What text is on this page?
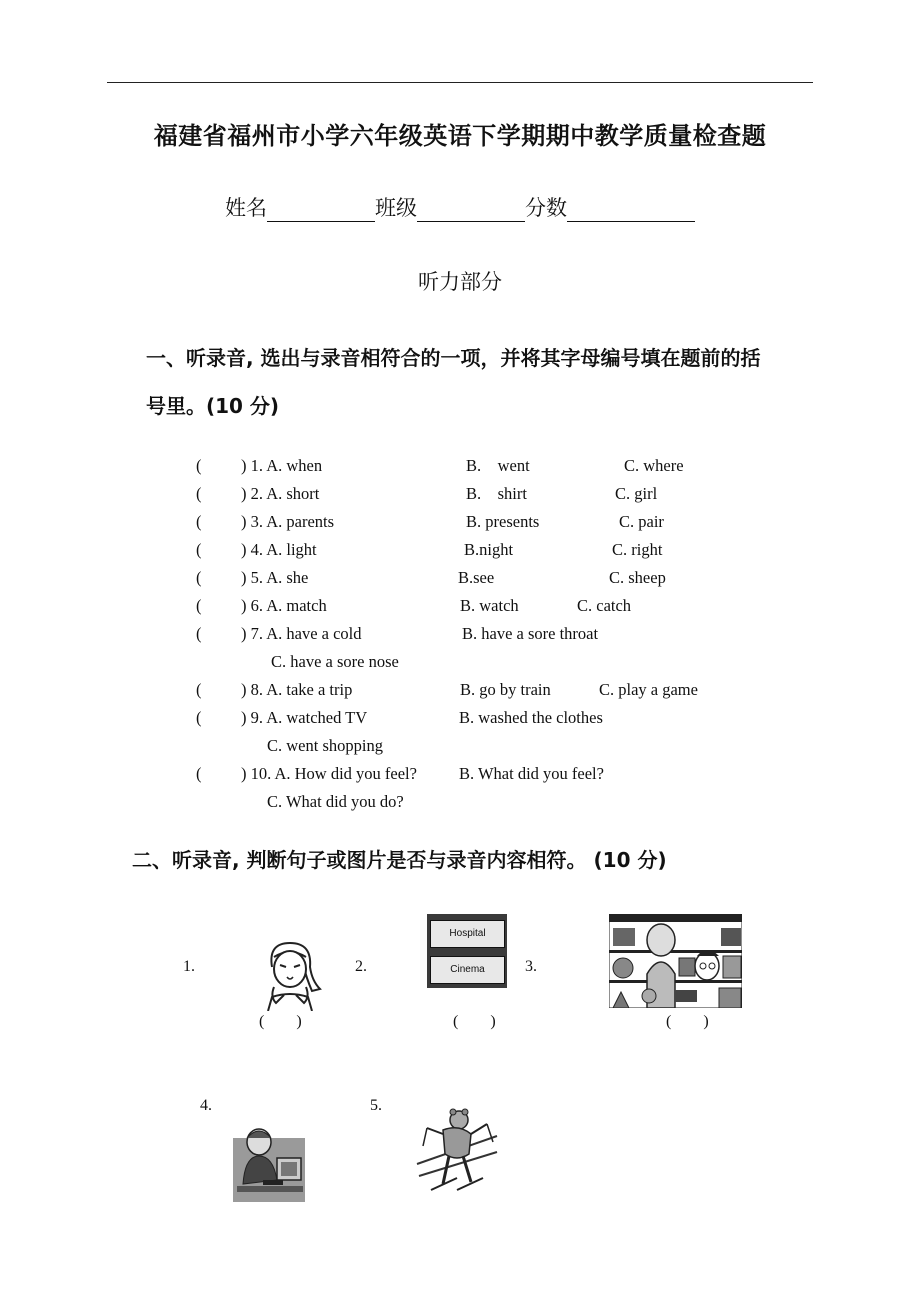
福建省福州市小学六年级英语下学期期中教学质量检查题
姓名	班级	分数
听力部分
一、听录音, 选出与录音相符合的一项，并将其字母编号填在题前的括
号里。(10 分)
( ) 1. A. when	B.    went	C. where
( ) 2. A. short	B.    shirt	C. girl
( ) 3. A. parents	B. presents	C. pair
( ) 4. A. light	B.night	C. right
( ) 5. A. she	B.see	C. sheep
( ) 6. A. match	B. watch	C. catch
( ) 7. A. have a cold	B. have a sore throat
C. have a sore nose
( ) 8. A. take a trip	B. go by train	C. play a game
( ) 9. A. watched TV	B. washed the clothes
C. went shopping
( ) 10. A. How did you feel?	B. What did you feel?
C. What did you do?
二、听录音, 判断句子或图片是否与录音内容相符。 (10 分)
1.
(        )
2.
Hospital
Cinema
(        )
3.
(        )
4.	5.
